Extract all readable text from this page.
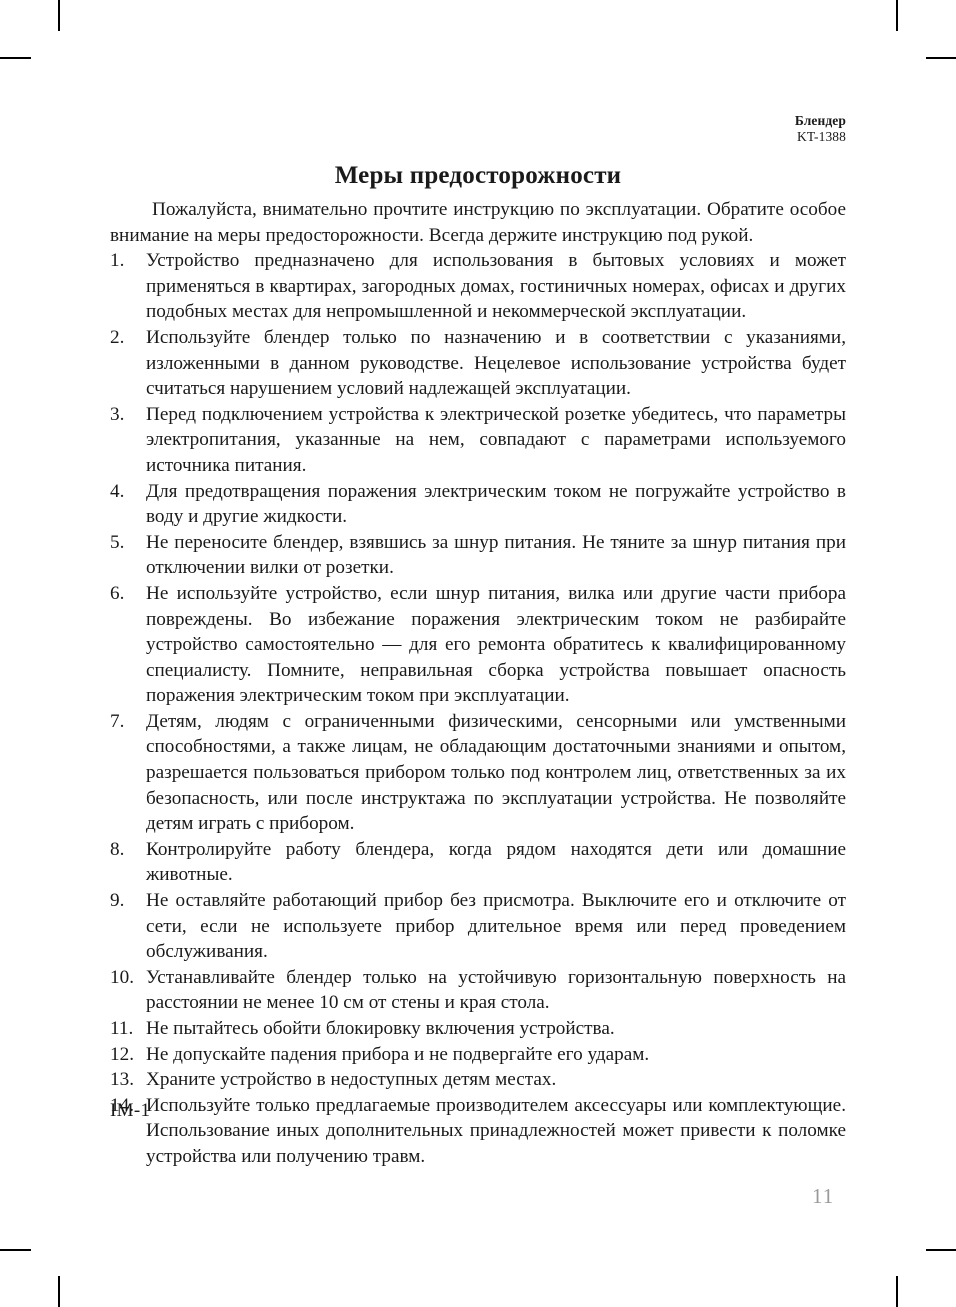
Блендер
KT-1388
Меры предосторожности

Пожалуйста, внимательно прочтите инструкцию по эксплуатации. Обратите особое внимание на меры предосторожности. Всегда держите инструкцию под рукой.

Устройство предназначено для использования в бытовых условиях и может применяться в квартирах, загородных домах, гостиничных номерах, офисах и других подобных местах для непромышленной и некоммерческой эксплуатации.
Используйте блендер только по назначению и в соответствии с указаниями, изложенными в данном руководстве. Нецелевое использование устройства будет считаться нарушением условий надлежащей эксплуатации.
Перед подключением устройства к электрической розетке убедитесь, что параметры электропитания, указанные на нем, совпадают с параметрами используемого источника питания.
Для предотвращения поражения электрическим током не погружайте устройство в воду и другие жидкости.
Не переносите блендер, взявшись за шнур питания. Не тяните за шнур питания при отключении вилки от розетки.
Не используйте устройство, если шнур питания, вилка или другие части прибора повреждены. Во избежание поражения электрическим током не разбирайте устройство самостоятельно — для его ремонта обратитесь к квалифицированному специалисту. Помните, неправильная сборка устройства повышает опасность поражения электрическим током при эксплуатации.
Детям, людям с ограниченными физическими, сенсорными или умственными способностями, а также лицам, не обладающим достаточными знаниями и опытом, разрешается пользоваться прибором только под контролем лиц, ответственных за их безопасность, или после инструктажа по эксплуатации устройства. Не позволяйте детям играть с прибором.
Контролируйте работу блендера, когда рядом находятся дети или домашние животные.
Не оставляйте работающий прибор без присмотра. Выключите его и отключите от сети, если не используете прибор длительное время или перед проведением обслуживания.
Устанавливайте блендер только на устойчивую горизонтальную поверхность на расстоянии не менее 10 см от стены и края стола.
Не пытайтесь обойти блокировку включения устройства.
Не допускайте падения прибора и не подвергайте его ударам.
Храните устройство в недоступных детям местах.
Используйте только предлагаемые производителем аксессуары или комплектующие. Использование иных дополнительных принадлежностей может привести к поломке устройства или получению травм.
IM-1
11
